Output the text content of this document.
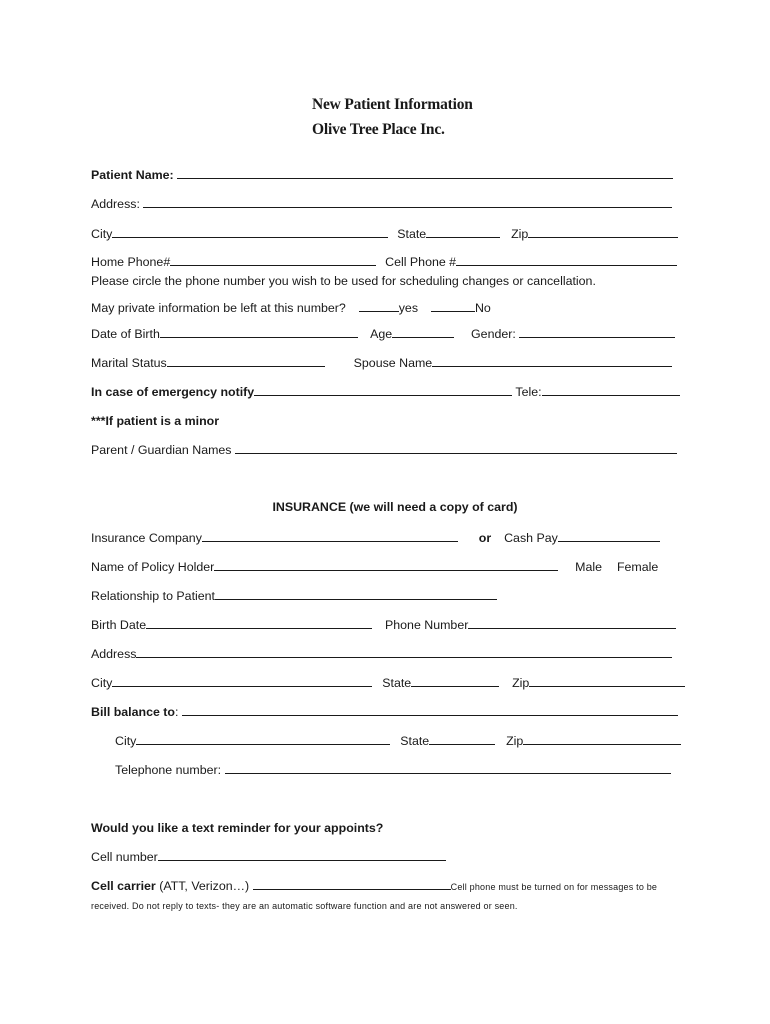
New Patient Information
Olive Tree Place Inc.
Patient Name:
Address:
City	State	Zip
Home Phone#	Cell Phone #
Please circle the phone number you wish to be used for scheduling changes or cancellation.
May private information be left at this number?	yes	No
Date of Birth	Age	Gender:
Marital Status	Spouse Name
In case of emergency notify	Tele:
***If patient is a minor
Parent / Guardian Names
INSURANCE (we will need a copy of card)
Insurance Company	or Cash Pay
Name of Policy Holder	Male Female
Relationship to Patient
Birth Date	Phone Number
Address
City	State	Zip
Bill balance to:
City	State	Zip
Telephone number:
Would you like a text reminder for your appoints?
Cell number
Cell carrier (ATT, Verizon…)	Cell phone must be turned on for messages to be
received. Do not reply to texts- they are an automatic software function and are not answered or seen.
